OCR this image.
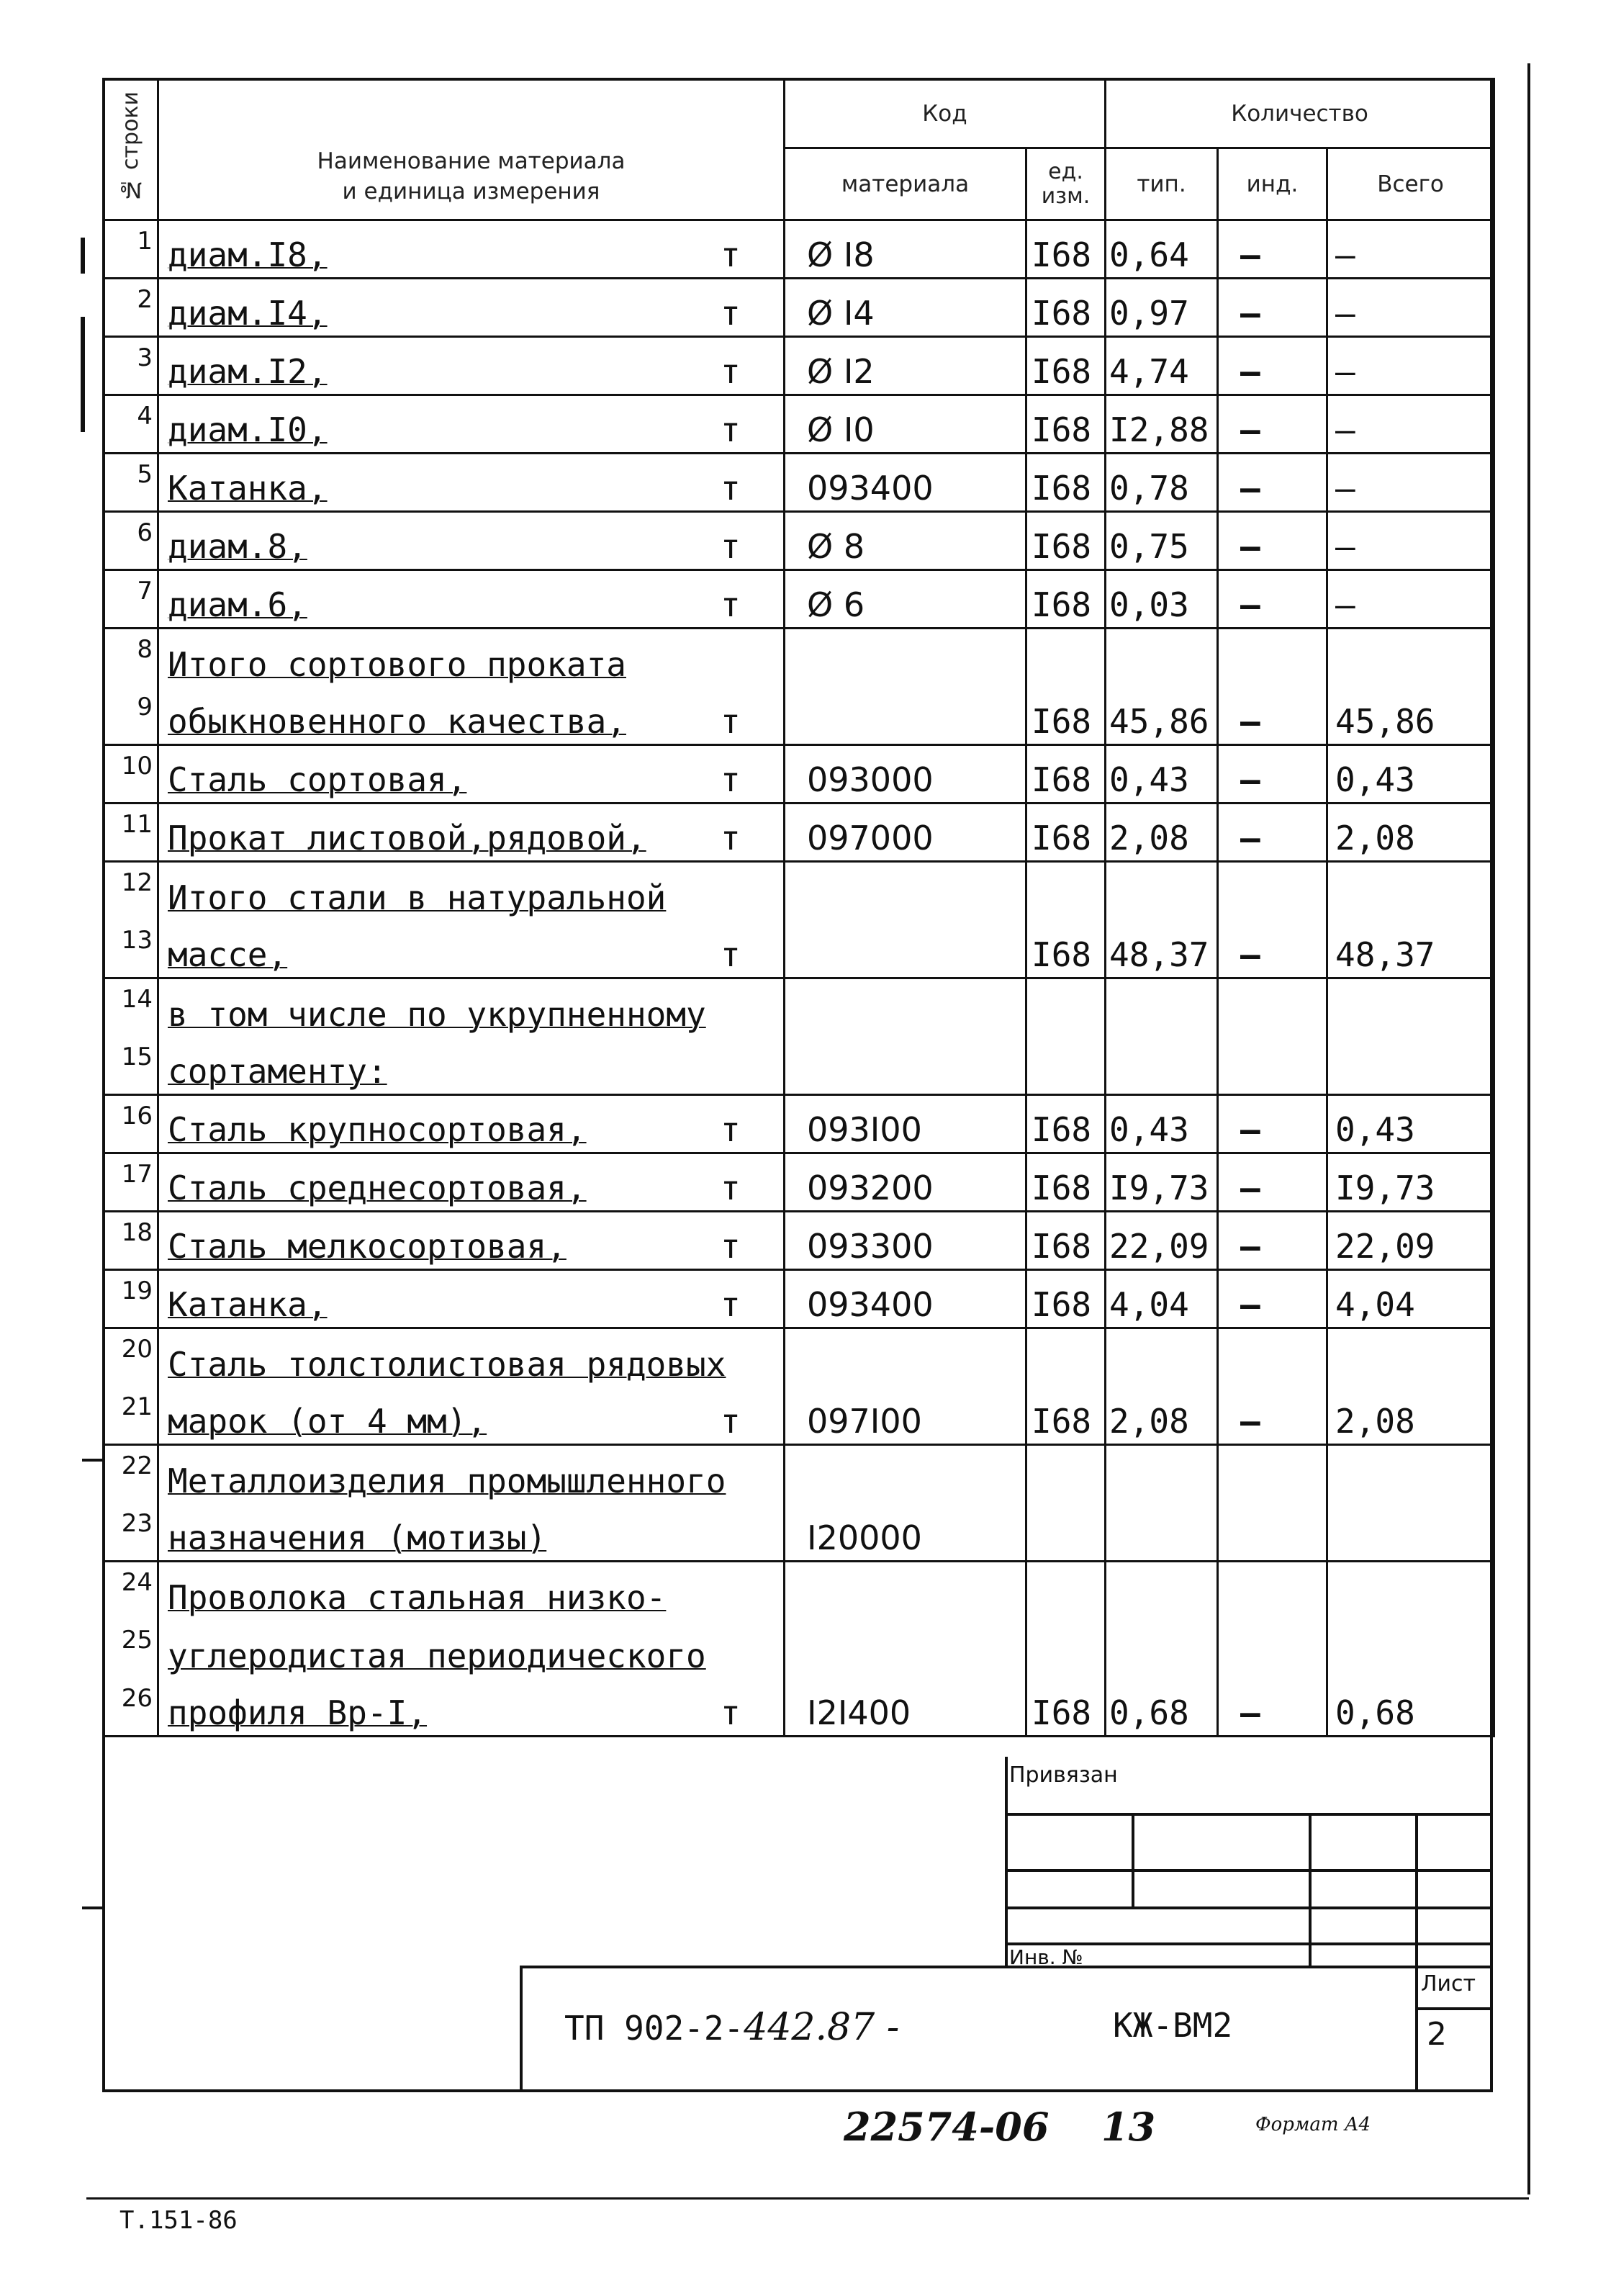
№ строки	Наименование материала
и единица измерения	Код		Количество		
		материала	ед. изм.	тип.	инд.	Всего
1	диам.I8, т	Ø I8	I68	0,64	–	–
2	диам.I4, т	Ø I4	I68	0,97	–	–
3	диам.I2, т	Ø I2	I68	4,74	–	–
4	диам.I0, т	Ø I0	I68	I2,88	–	–
5	Катанка, т	093400	I68	0,78	–	–
6	диам.8, т	Ø 8	I68	0,75	–	–
7	диам.6, т	Ø 6	I68	0,03	–	–
8	Итого сортового проката

9	обыкновенного качества, т		I68	45,86	–	45,86
10	Сталь сортовая, т	093000	I68	0,43	–	0,43
11	Прокат листовой,рядовой, т	097000	I68	2,08	–	2,08
12	Итого стали в натуральной

13	массе, т		I68	48,37	–	48,37
14	в том числе по укрупненному

15	сортаменту:

16	Сталь крупносортовая, т	093I00	I68	0,43	–	0,43
17	Сталь среднесортовая, т	093200	I68	I9,73	–	I9,73
18	Сталь мелкосортовая, т	093300	I68	22,09	–	22,09
19	Катанка, т	093400	I68	4,04	–	4,04
20	Сталь толстолистовая рядовых

21	марок (от 4 мм), т	097I00	I68	2,08	–	2,08
22	Металлоизделия промышленного

23	назначения (мотизы)	I20000				
24	Проволока стальная низко-

25	углеродистая периодического

26	профиля Вр-I, т	I2I400	I68	0,68	–	0,68
Привязан
Инв. №
Лист
2
ТП 902-2-442.87 -	КЖ-ВМ2
22574-06 13	Формат А4
Т.151-86
